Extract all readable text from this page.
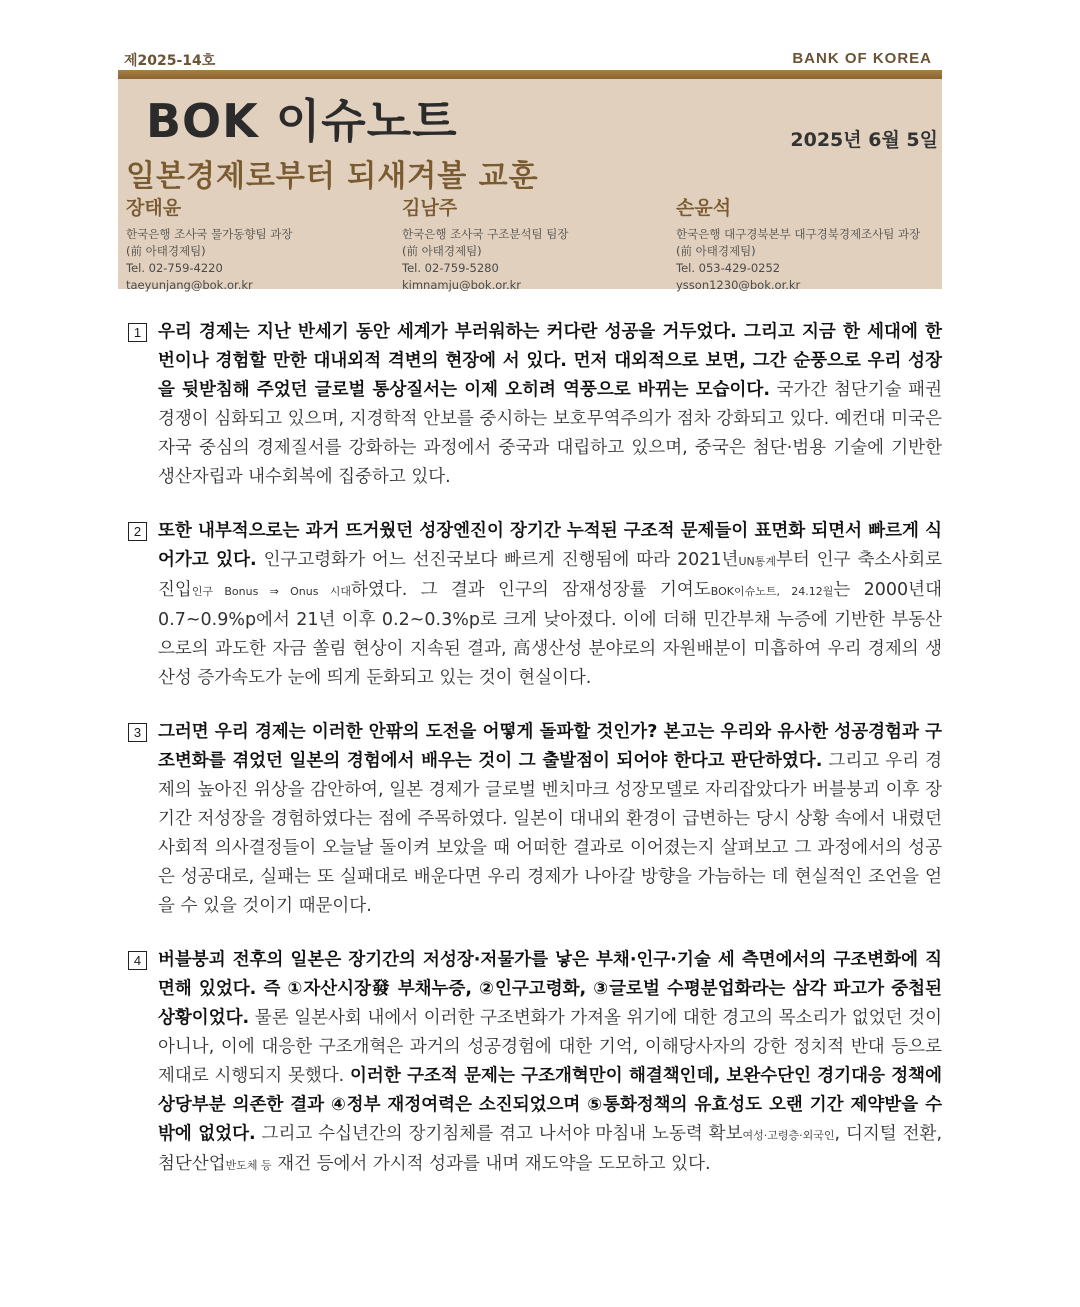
제2025-14호	BANK OF KOREA
BOK 이슈노트	2025년 6월 5일
일본경제로부터 되새겨볼 교훈
장태윤
한국은행 조사국 물가동향팀 과장
(前 아태경제팀)
Tel. 02-759-4220
taeyunjang@bok.or.kr
김남주
한국은행 조사국 구조분석팀 팀장
(前 아태경제팀)
Tel. 02-759-5280
kimnamju@bok.or.kr
손윤석
한국은행 대구경북본부 대구경북경제조사팀 과장
(前 아태경제팀)
Tel. 053-429-0252
ysson1230@bok.or.kr
1 우리 경제는 지난 반세기 동안 세계가 부러워하는 커다란 성공을 거두었다. 그리고 지금 한 세대에 한 번이나 경험할 만한 대내외적 격변의 현장에 서 있다. 먼저 대외적으로 보면, 그간 순풍으로 우리 성장을 뒷받침해 주었던 글로벌 통상질서는 이제 오히려 역풍으로 바뀌는 모습이다. 국가간 첨단기술 패권경쟁이 심화되고 있으며, 지경학적 안보를 중시하는 보호무역주의가 점차 강화되고 있다. 예컨대 미국은 자국 중심의 경제질서를 강화하는 과정에서 중국과 대립하고 있으며, 중국은 첨단·범용 기술에 기반한 생산자립과 내수회복에 집중하고 있다.
2 또한 내부적으로는 과거 뜨거웠던 성장엔진이 장기간 누적된 구조적 문제들이 표면화 되면서 빠르게 식어가고 있다. 인구고령화가 어느 선진국보다 빠르게 진행됨에 따라 2021년UN통계부터 인구 축소사회로 진입인구 Bonus ⇒ Onus 시대하였다. 그 결과 인구의 잠재성장률 기여도BOK이슈노트, 24.12월는 2000년대 0.7~0.9%p에서 21년 이후 0.2~0.3%p로 크게 낮아졌다. 이에 더해 민간부채 누증에 기반한 부동산으로의 과도한 자금 쏠림 현상이 지속된 결과, 高생산성 분야로의 자원배분이 미흡하여 우리 경제의 생산성 증가속도가 눈에 띄게 둔화되고 있는 것이 현실이다.
3 그러면 우리 경제는 이러한 안팎의 도전을 어떻게 돌파할 것인가? 본고는 우리와 유사한 성공경험과 구조변화를 겪었던 일본의 경험에서 배우는 것이 그 출발점이 되어야 한다고 판단하였다. 그리고 우리 경제의 높아진 위상을 감안하여, 일본 경제가 글로벌 벤치마크 성장모델로 자리잡았다가 버블붕괴 이후 장기간 저성장을 경험하였다는 점에 주목하였다. 일본이 대내외 환경이 급변하는 당시 상황 속에서 내렸던 사회적 의사결정들이 오늘날 돌이켜 보았을 때 어떠한 결과로 이어졌는지 살펴보고 그 과정에서의 성공은 성공대로, 실패는 또 실패대로 배운다면 우리 경제가 나아갈 방향을 가늠하는 데 현실적인 조언을 얻을 수 있을 것이기 때문이다.
4 버블붕괴 전후의 일본은 장기간의 저성장·저물가를 낳은 부채·인구·기술 세 측면에서의 구조변화에 직면해 있었다. 즉 ①자산시장發 부채누증, ②인구고령화, ③글로벌 수평분업화라는 삼각 파고가 중첩된 상황이었다. 물론 일본사회 내에서 이러한 구조변화가 가져올 위기에 대한 경고의 목소리가 없었던 것이 아니나, 이에 대응한 구조개혁은 과거의 성공경험에 대한 기억, 이해당사자의 강한 정치적 반대 등으로 제대로 시행되지 못했다. 이러한 구조적 문제는 구조개혁만이 해결책인데, 보완수단인 경기대응 정책에 상당부분 의존한 결과 ④정부 재정여력은 소진되었으며 ⑤통화정책의 유효성도 오랜 기간 제약받을 수밖에 없었다. 그리고 수십년간의 장기침체를 겪고 나서야 마침내 노동력 확보여성·고령층·외국인, 디지털 전환, 첨단산업반도체 등 재건 등에서 가시적 성과를 내며 재도약을 도모하고 있다.
